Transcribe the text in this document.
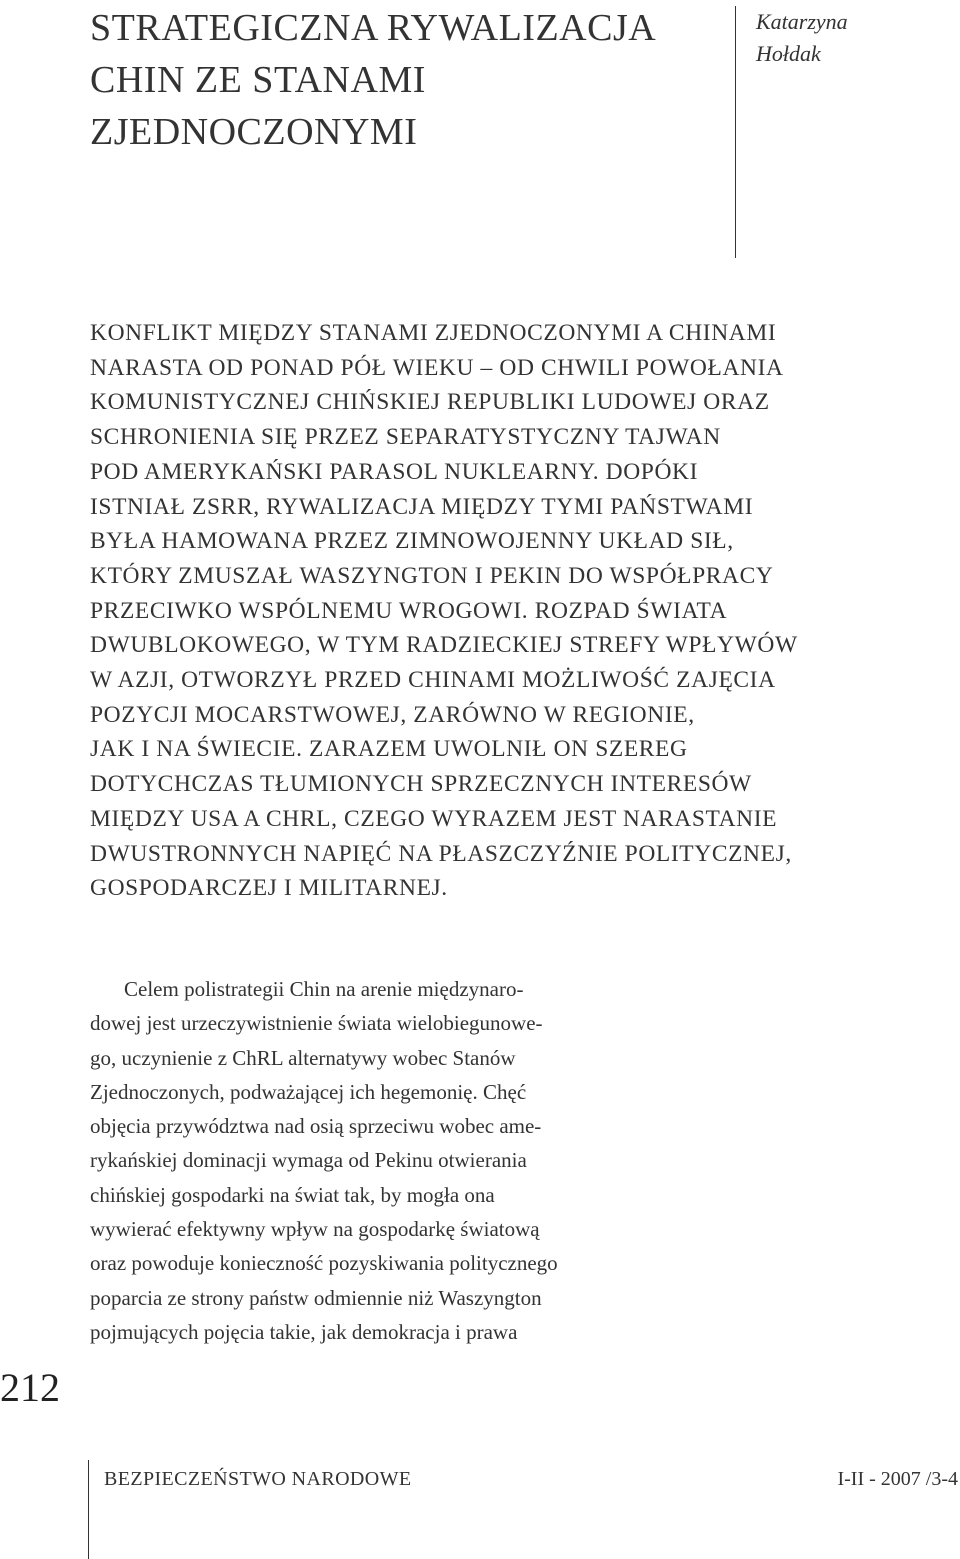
STRATEGICZNA RYWALIZACJA
CHIN ZE STANAMI
ZJEDNOCZONYMI
Katarzyna
Hołdak
KONFLIKT MIĘDZY STANAMI ZJEDNOCZONYMI A CHINAMI
NARASTA OD PONAD PÓŁ WIEKU – OD CHWILI POWOŁANIA
KOMUNISTYCZNEJ CHIŃSKIEJ REPUBLIKI LUDOWEJ ORAZ
SCHRONIENIA SIĘ PRZEZ SEPARATYSTYCZNY TAJWAN
POD AMERYKAŃSKI PARASOL NUKLEARNY. DOPÓKI
ISTNIAŁ ZSRR, RYWALIZACJA MIĘDZY TYMI PAŃSTWAMI
BYŁA HAMOWANA PRZEZ ZIMNOWOJENNY UKŁAD SIŁ,
KTÓRY ZMUSZAŁ WASZYNGTON I PEKIN DO WSPÓŁPRACY
PRZECIWKO WSPÓLNEMU WROGOWI. ROZPAD ŚWIATA
DWUBLOKOWEGO, W TYM RADZIECKIEJ STREFY WPŁYWÓW
W AZJI, OTWORZYŁ PRZED CHINAMI MOŻLIWOŚĆ ZAJĘCIA
POZYCJI MOCARSTWOWEJ, ZARÓWNO W REGIONIE,
JAK I NA ŚWIECIE. ZARAZEM UWOLNIŁ ON SZEREG
DOTYCHCZAS TŁUMIONYCH SPRZECZNYCH INTERESÓW
MIĘDZY USA A CHRL, CZEGO WYRAZEM JEST NARASTANIE
DWUSTRONNYCH NAPIĘĆ NA PŁASZCZYŹNIE POLITYCZNEJ,
GOSPODARCZEJ I MILITARNEJ.
Celem polistrategii Chin na arenie międzynaro-
dowej jest urzeczywistnienie świata wielobiegunowe-
go, uczynienie z ChRL alternatywy wobec Stanów
Zjednoczonych, podważającej ich hegemonię. Chęć
objęcia przywództwa nad osią sprzeciwu wobec ame-
rykańskiej dominacji wymaga od Pekinu otwierania
chińskiej gospodarki na świat tak, by mogła ona
wywierać efektywny wpływ na gospodarkę światową
oraz powoduje konieczność pozyskiwania politycznego
poparcia ze strony państw odmiennie niż Waszyngton
pojmujących pojęcia takie, jak demokracja i prawa
212
BEZPIECZEŃSTWO NARODOWE	I-II - 2007 /3-4
